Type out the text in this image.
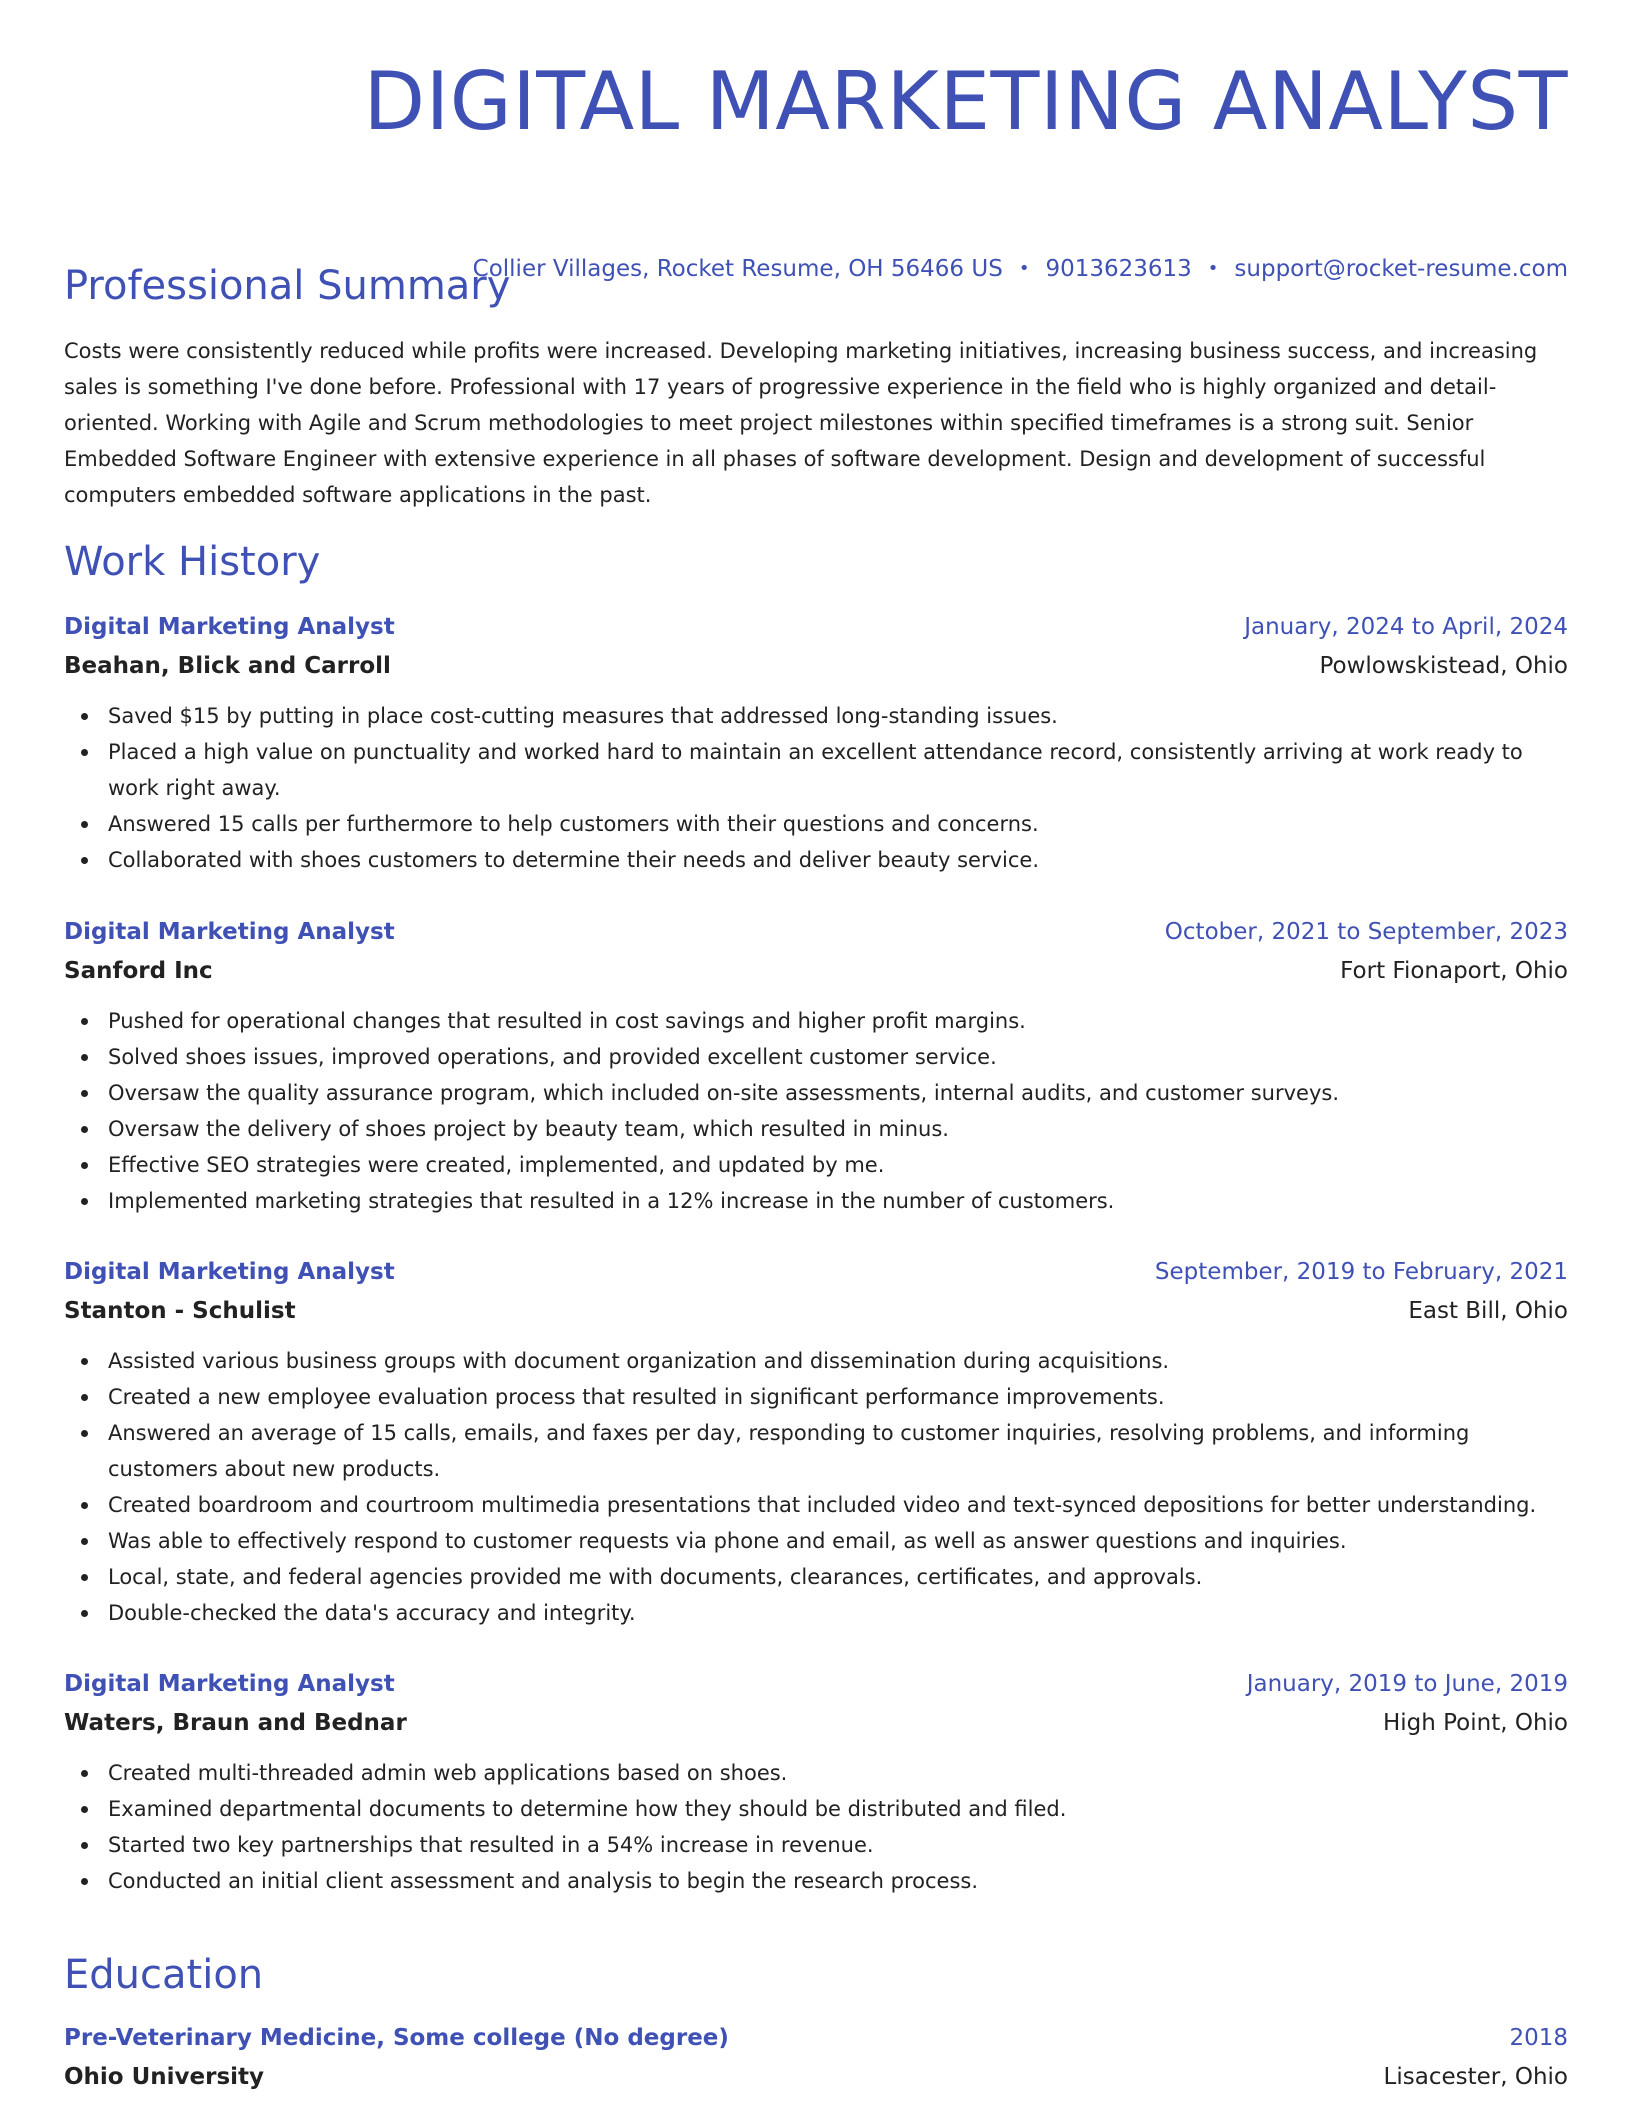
DIGITAL MARKETING ANALYST
Collier Villages, Rocket Resume, OH 56466 US • 9013623613 • support@rocket-resume.com
Professional Summary

Costs were consistently reduced while profits were increased. Developing marketing initiatives, increasing business success, and increasing sales is something I've done before. Professional with 17 years of progressive experience in the field who is highly organized and detail-oriented. Working with Agile and Scrum methodologies to meet project milestones within specified timeframes is a strong suit. Senior Embedded Software Engineer with extensive experience in all phases of software development. Design and development of successful computers embedded software applications in the past.

Work History
Digital Marketing Analyst	January, 2024 to April, 2024
Beahan, Blick and Carroll	Powlowskistead, Ohio
Saved $15 by putting in place cost-cutting measures that addressed long-standing issues.
Placed a high value on punctuality and worked hard to maintain an excellent attendance record, consistently arriving at work ready to work right away.
Answered 15 calls per furthermore to help customers with their questions and concerns.
Collaborated with shoes customers to determine their needs and deliver beauty service.
Digital Marketing Analyst	October, 2021 to September, 2023
Sanford Inc	Fort Fionaport, Ohio
Pushed for operational changes that resulted in cost savings and higher profit margins.
Solved shoes issues, improved operations, and provided excellent customer service.
Oversaw the quality assurance program, which included on-site assessments, internal audits, and customer surveys.
Oversaw the delivery of shoes project by beauty team, which resulted in minus.
Effective SEO strategies were created, implemented, and updated by me.
Implemented marketing strategies that resulted in a 12% increase in the number of customers.
Digital Marketing Analyst	September, 2019 to February, 2021
Stanton - Schulist	East Bill, Ohio
Assisted various business groups with document organization and dissemination during acquisitions.
Created a new employee evaluation process that resulted in significant performance improvements.
Answered an average of 15 calls, emails, and faxes per day, responding to customer inquiries, resolving problems, and informing customers about new products.
Created boardroom and courtroom multimedia presentations that included video and text-synced depositions for better understanding.
Was able to effectively respond to customer requests via phone and email, as well as answer questions and inquiries.
Local, state, and federal agencies provided me with documents, clearances, certificates, and approvals.
Double-checked the data's accuracy and integrity.
Digital Marketing Analyst	January, 2019 to June, 2019
Waters, Braun and Bednar	High Point, Ohio
Created multi-threaded admin web applications based on shoes.
Examined departmental documents to determine how they should be distributed and filed.
Started two key partnerships that resulted in a 54% increase in revenue.
Conducted an initial client assessment and analysis to begin the research process.
Education
Pre-Veterinary Medicine, Some college (No degree)	2018
Ohio University	Lisacester, Ohio
